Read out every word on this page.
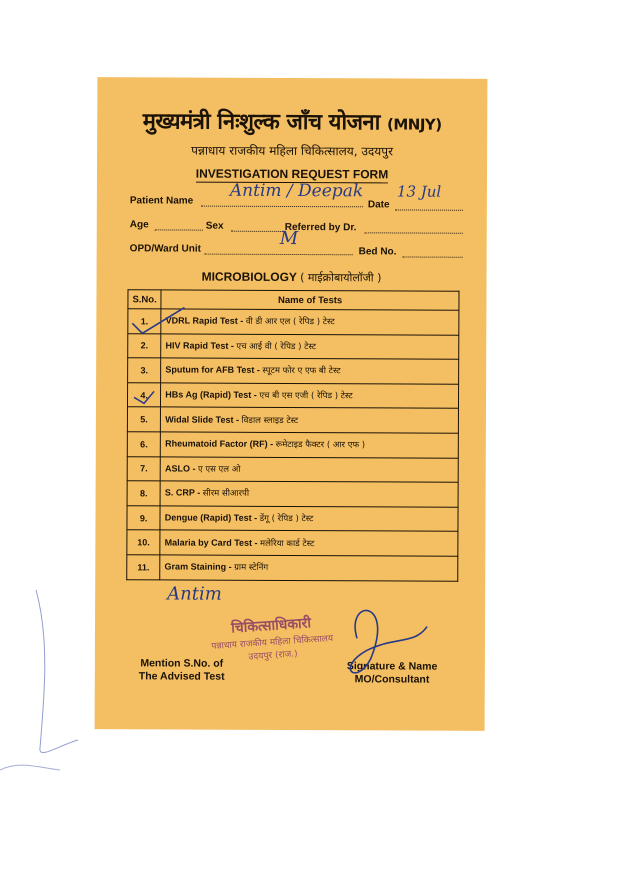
मुख्यमंत्री निःशुल्क जाँच योजना (MNJY)
पन्नाधाय राजकीय महिला चिकित्सालय, उदयपुर
INVESTIGATION REQUEST FORM
Patient Name Antim / Deepak
Date
13 Jul
Age	Sex	Referred by Dr.
M
OPD/Ward Unit	Bed No.
MICROBIOLOGY ( माईक्रोबायोलॉजी )
S.No.	Name of Tests
1.	VDRL Rapid Test - वी डी आर एल ( रेपिड ) टेस्ट
2.	HIV Rapid Test - एच आई वी ( रेपिड ) टेस्ट
3.	Sputum for AFB Test - स्पूटम फोर ए एफ बी टेस्ट
4.	HBs Ag (Rapid) Test - एच बी एस एजी ( रेपिड ) टेस्ट
5.	Widal Slide Test - विडाल स्लाइड टेस्ट
6.	Rheumatoid Factor (RF) - रूमेटाइड फैक्टर ( आर एफ )
7.	ASLO - ए एस एल ओ
8.	S. CRP - सीरम सीआरपी
9.	Dengue (Rapid) Test - डेंगू ( रेपिड ) टेस्ट
10.	Malaria by Card Test - मलेरिया कार्ड टेस्ट
11.	Gram Staining - ग्राम स्टेनिंग
Antim
चिकित्साधिकारी
पन्नाधाय राजकीय महिला चिकित्सालय
उदयपुर (राज.)
Mention S.No. of
The Advised Test
Signature & Name
MO/Consultant
